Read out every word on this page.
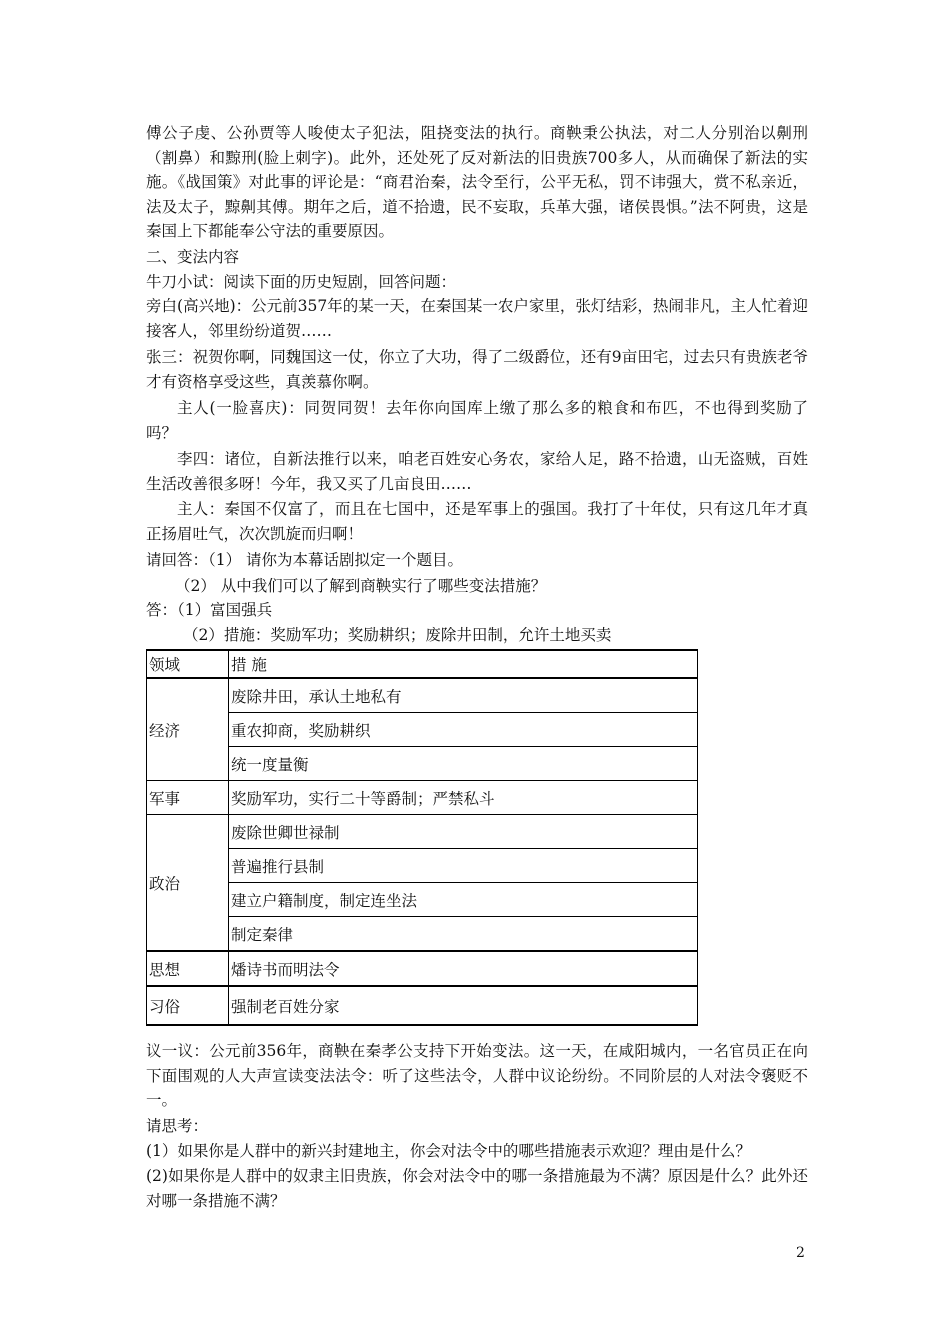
傅公子虔、公孙贾等人唆使太子犯法，阻挠变法的执行。商鞅秉公执法，对二人分别治以劓刑（割鼻）和黥刑(脸上刺字)。此外，还处死了反对新法的旧贵族700多人，从而确保了新法的实施。《战国策》对此事的评论是：“商君治秦，法令至行，公平无私，罚不讳强大，赏不私亲近，法及太子，黥劓其傅。期年之后，道不拾遗，民不妄取，兵革大强，诸侯畏惧。”法不阿贵，这是秦国上下都能奉公守法的重要原因。

二、变法内容

牛刀小试：阅读下面的历史短剧，回答问题：

旁白(高兴地)：公元前357年的某一天，在秦国某一农户家里，张灯结彩，热闹非凡，主人忙着迎接客人，邻里纷纷道贺……

张三：祝贺你啊，同魏国这一仗，你立了大功，得了二级爵位，还有9亩田宅，过去只有贵族老爷才有资格享受这些，真羡慕你啊。

主人(一脸喜庆)：同贺同贺！去年你向国库上缴了那么多的粮食和布匹，不也得到奖励了吗？

李四：诸位，自新法推行以来，咱老百姓安心务农，家给人足，路不拾遗，山无盗贼，百姓生活改善很多呀！今年，我又买了几亩良田……

主人：秦国不仅富了，而且在七国中，还是军事上的强国。我打了十年仗，只有这几年才真正扬眉吐气，次次凯旋而归啊！

请回答：（1） 请你为本幕话剧拟定一个题目。

（2） 从中我们可以了解到商鞅实行了哪些变法措施？

答：（1）富国强兵

（2）措施：奖励军功；奖励耕织；废除井田制，允许土地买卖

领域	措 施
经济	废除井田，承认土地私有
	重农抑商，奖励耕织
	统一度量衡
军事	奖励军功，实行二十等爵制；严禁私斗
政治	废除世卿世禄制
	普遍推行县制
	建立户籍制度，制定连坐法
	制定秦律
思想	燔诗书而明法令
习俗	强制老百姓分家

议一议：公元前356年，商鞅在秦孝公支持下开始变法。这一天，在咸阳城内，一名官员正在向下面围观的人大声宣读变法法令：听了这些法令，人群中议论纷纷。不同阶层的人对法令褒贬不一。

请思考：

(1）如果你是人群中的新兴封建地主，你会对法令中的哪些措施表示欢迎？理由是什么？

(2)如果你是人群中的奴隶主旧贵族，你会对法令中的哪一条措施最为不满？原因是什么？此外还对哪一条措施不满？

2
